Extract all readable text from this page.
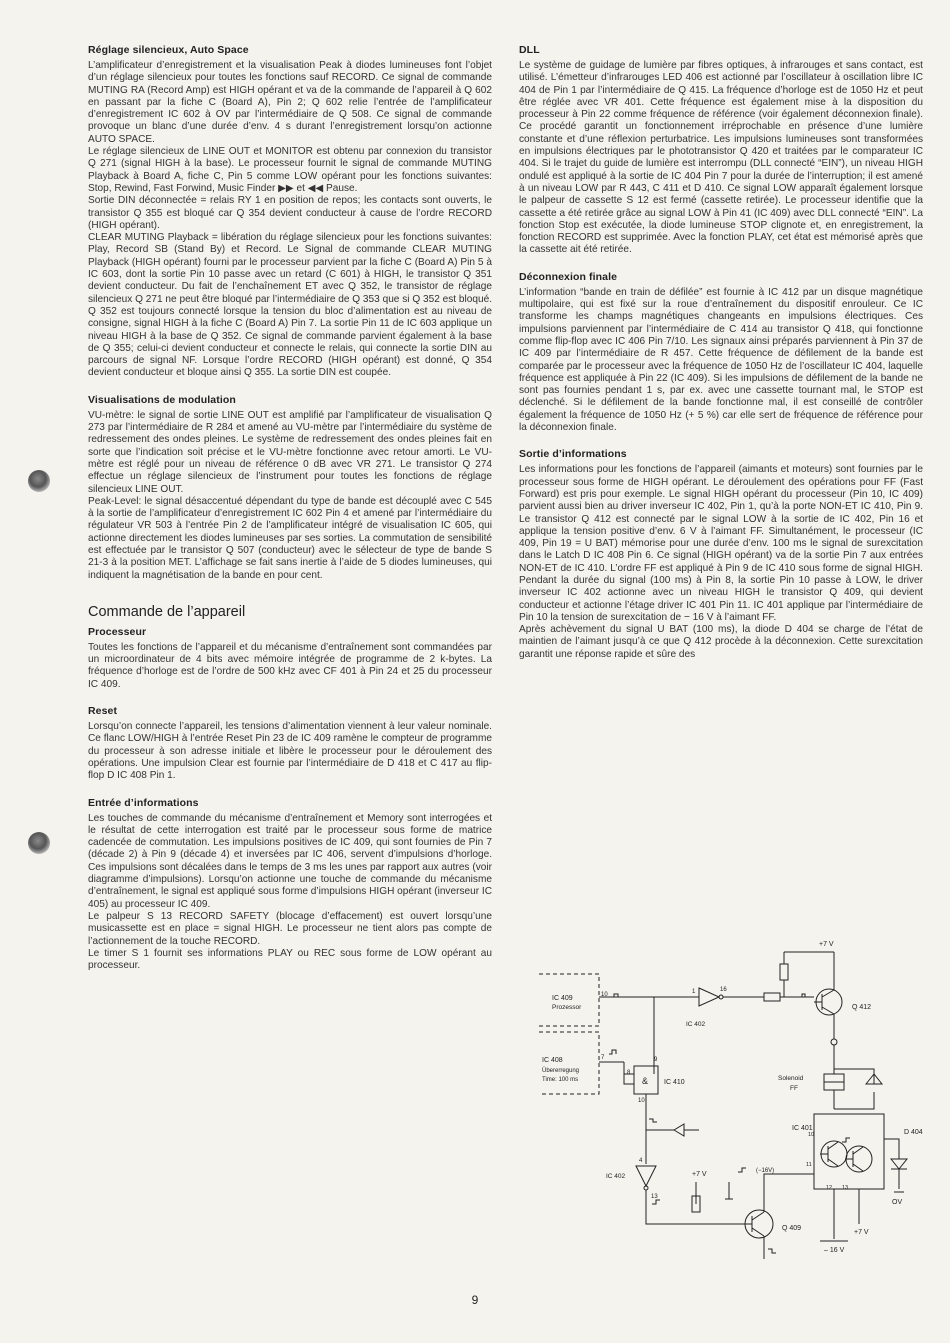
Réglage silencieux, Auto Space

L’amplificateur d’enregistrement et la visualisation Peak à diodes lumineuses font l’objet d’un réglage silencieux pour toutes les fonctions sauf RECORD. Ce signal de commande MUTING RA (Record Amp) est HIGH opérant et va de la commande de l’appareil à Q 602 en passant par la fiche C (Board A), Pin 2; Q 602 relie l’entrée de l’amplificateur d’enregistrement IC 602 à OV par l’intermédiaire de Q 508. Ce signal de commande provoque un blanc d’une durée d’env. 4 s durant l’enregistrement lorsqu’on actionne AUTO SPACE.

Le réglage silencieux de LINE OUT et MONITOR est obtenu par connexion du transistor Q 271 (signal HIGH à la base). Le processeur fournit le signal de commande MUTING Playback à Board A, fiche C, Pin 5 comme LOW opérant pour les fonctions suivantes: Stop, Rewind, Fast Forwind, Music Finder ▶▶ et ◀◀ Pause.

Sortie DIN déconnectée = relais RY 1 en position de repos; les contacts sont ouverts, le transistor Q 355 est bloqué car Q 354 devient conducteur à cause de l’ordre RECORD (HIGH opérant).

CLEAR MUTING Playback = libération du réglage silencieux pour les fonctions suivantes: Play, Record SB (Stand By) et Record. Le Signal de commande CLEAR MUTING Playback (HIGH opérant) fourni par le processeur parvient par la fiche C (Board A) Pin 5 à IC 603, dont la sortie Pin 10 passe avec un retard (C 601) à HIGH, le transistor Q 351 devient conducteur. Du fait de l’enchaînement ET avec Q 352, le transistor de réglage silencieux Q 271 ne peut être bloqué par l’intermédiaire de Q 353 que si Q 352 est bloqué. Q 352 est toujours connecté lorsque la tension du bloc d’alimentation est au niveau de consigne, signal HIGH à la fiche C (Board A) Pin 7. La sortie Pin 11 de IC 603 applique un niveau HIGH à la base de Q 352. Ce signal de commande parvient également à la base de Q 355; celui-ci devient conducteur et connecte le relais, qui connecte la sortie DIN au parcours de signal NF. Lorsque l’ordre RECORD (HIGH opérant) est donné, Q 354 devient conducteur et bloque ainsi Q 355. La sortie DIN est coupée.

Visualisations de modulation

VU-mètre: le signal de sortie LINE OUT est amplifié par l’amplificateur de visualisation Q 273 par l’intermédiaire de R 284 et amené au VU-mètre par l’intermédiaire du système de redressement des ondes pleines. Le système de redressement des ondes pleines fait en sorte que l’indication soit précise et le VU-mètre fonctionne avec retour amorti. Le VU-mètre est réglé pour un niveau de référence 0 dB avec VR 271. Le transistor Q 274 effectue un réglage silencieux de l’instrument pour toutes les fonctions de réglage silencieux LINE OUT.

Peak-Level: le signal désaccentué dépendant du type de bande est découplé avec C 545 à la sortie de l’amplificateur d’enregistrement IC 602 Pin 4 et amené par l’intermédiaire du régulateur VR 503 à l’entrée Pin 2 de l’amplificateur intégré de visualisation IC 605, qui actionne directement les diodes lumineuses par ses sorties. La commutation de sensibilité est effectuée par le transistor Q 507 (conducteur) avec le sélecteur de type de bande S 21-3 à la position MET. L’affichage se fait sans inertie à l’aide de 5 diodes lumineuses, qui indiquent la magnétisation de la bande en pour cent.

Commande de l’appareil
Processeur

Toutes les fonctions de l’appareil et du mécanisme d’entraînement sont commandées par un microordinateur de 4 bits avec mémoire intégrée de programme de 2 k-bytes. La fréquence d’horloge est de l’ordre de 500 kHz avec CF 401 à Pin 24 et 25 du processeur IC 409.

Reset

Lorsqu’on connecte l’appareil, les tensions d’alimentation viennent à leur valeur nominale. Ce flanc LOW/HIGH à l’entrée Reset Pin 23 de IC 409 ramène le compteur de programme du processeur à son adresse initiale et libère le processeur pour le déroulement des opérations. Une impulsion Clear est fournie par l’intermédiaire de D 418 et C 417 au flip-flop D IC 408 Pin 1.

Entrée d’informations

Les touches de commande du mécanisme d’entraînement et Memory sont interrogées et le résultat de cette interrogation est traité par le processeur sous forme de matrice cadencée de commutation. Les impulsions positives de IC 409, qui sont fournies de Pin 7 (décade 2) à Pin 9 (décade 4) et inversées par IC 406, servent d’impulsions d’horloge. Ces impulsions sont décalées dans le temps de 3 ms les unes par rapport aux autres (voir diagramme d’impulsions). Lorsqu’on actionne une touche de commande du mécanisme d’entraînement, le signal est appliqué sous forme d’impulsions HIGH opérant (inverseur IC 405) au processeur IC 409.

Le palpeur S 13 RECORD SAFETY (blocage d’effacement) est ouvert lorsqu’une musicassette est en place = signal HIGH. Le processeur ne tient alors pas compte de l’actionnement de la touche RECORD.

Le timer S 1 fournit ses informations PLAY ou REC sous forme de LOW opérant au processeur.

DLL

Le système de guidage de lumière par fibres optiques, à infrarouges et sans contact, est utilisé. L’émetteur d’infrarouges LED 406 est actionné par l’oscillateur à oscillation libre IC 404 de Pin 1 par l’intermédiaire de Q 415. La fréquence d’horloge est de 1050 Hz et peut être réglée avec VR 401. Cette fréquence est également mise à la disposition du processeur à Pin 22 comme fréquence de référence (voir également déconnexion finale). Ce procédé garantit un fonctionnement irréprochable en présence d’une lumière constante et d’une réflexion perturbatrice. Les impulsions lumineuses sont transformées en impulsions électriques par le phototransistor Q 420 et traitées par le comparateur IC 404. Si le trajet du guide de lumière est interrompu (DLL connecté “EIN”), un niveau HIGH ondulé est appliqué à la sortie de IC 404 Pin 7 pour la durée de l’interruption; il est amené à un niveau LOW par R 443, C 411 et D 410. Ce signal LOW apparaît également lorsque le palpeur de cassette S 12 est fermé (cassette retirée). Le processeur identifie que la cassette a été retirée grâce au signal LOW à Pin 41 (IC 409) avec DLL connecté “EIN”. La fonction Stop est exécutée, la diode lumineuse STOP clignote et, en enregistrement, la fonction RECORD est supprimée. Avec la fonction PLAY, cet état est mémorisé après que la cassette ait été retirée.

Déconnexion finale

L’information “bande en train de défilée” est fournie à IC 412 par un disque magnétique multipolaire, qui est fixé sur la roue d’entraînement du dispositif enrouleur. Ce IC transforme les champs magnétiques changeants en impulsions électriques. Ces impulsions parviennent par l’intermédiaire de C 414 au transistor Q 418, qui fonctionne comme flip-flop avec IC 406 Pin 7/10. Les signaux ainsi préparés parviennent à Pin 37 de IC 409 par l’intermédiaire de R 457. Cette fréquence de défilement de la bande est comparée par le processeur avec la fréquence de 1050 Hz de l’oscillateur IC 404, laquelle fréquence est appliquée à Pin 22 (IC 409). Si les impulsions de défilement de la bande ne sont pas fournies pendant 1 s, par ex. avec une cassette tournant mal, le STOP est déclenché. Si le défilement de la bande fonctionne mal, il est conseillé de contrôler également la fréquence de 1050 Hz (+ 5 %) car elle sert de fréquence de référence pour la déconnexion finale.

Sortie d’informations

Les informations pour les fonctions de l’appareil (aimants et moteurs) sont fournies par le processeur sous forme de HIGH opérant. Le déroulement des opérations pour FF (Fast Forward) est pris pour exemple. Le signal HIGH opérant du processeur (Pin 10, IC 409) parvient aussi bien au driver inverseur IC 402, Pin 1, qu’à la porte NON-ET IC 410, Pin 9. Le transistor Q 412 est connecté par le signal LOW à la sortie de IC 402, Pin 16 et applique la tension positive d’env. 6 V à l’aimant FF. Simultanément, le processeur (IC 409, Pin 19 = U BAT) mémorise pour une durée d’env. 100 ms le signal de surexcitation dans le Latch D IC 408 Pin 6. Ce signal (HIGH opérant) va de la sortie Pin 7 aux entrées NON-ET de IC 410. L’ordre FF est appliqué à Pin 9 de IC 410 sous forme de signal HIGH. Pendant la durée du signal (100 ms) à Pin 8, la sortie Pin 10 passe à LOW, le driver inverseur IC 402 actionne avec un niveau HIGH le transistor Q 409, qui devient conducteur et actionne l’étage driver IC 401 Pin 11. IC 401 applique par l’intermédiaire de Pin 10 la tension de surexcitation de − 16 V à l’aimant FF.

Après achèvement du signal U BAT (100 ms), la diode D 404 se charge de l’état de maintien de l’aimant jusqu’à ce que Q 412 procède à la déconnexion. Cette surexcitation garantit une réponse rapide et sûre des

IC 409
Prozessor
10	1	16
IC 402
Q 412
+7 V
IC 408
Übererregung
Time: 100 ms
7
& IC 410
8
9
10
Solenoid
FF
IC 401
10
12 13
11
D 404
OV
+7 V
– 16 V
IC 402
4
13
Q 409
+7 V	(−16V)
9
